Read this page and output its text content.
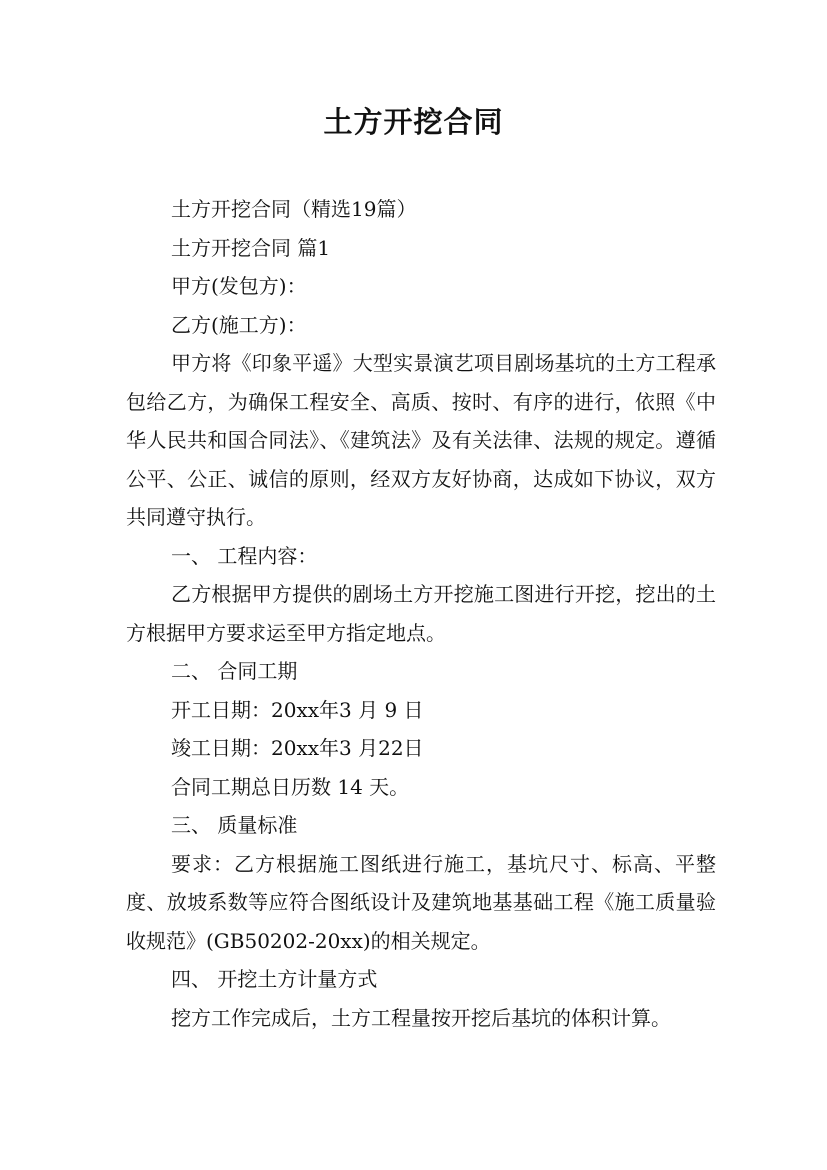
土方开挖合同

土方开挖合同（精选19篇）

土方开挖合同 篇1

甲方(发包方)：

乙方(施工方)：

甲方将《印象平遥》大型实景演艺项目剧场基坑的土方工程承包给乙方，为确保工程安全、高质、按时、有序的进行，依照《中华人民共和国合同法》、《建筑法》及有关法律、法规的规定。遵循公平、公正、诚信的原则，经双方友好协商，达成如下协议，双方共同遵守执行。

一、 工程内容：

乙方根据甲方提供的剧场土方开挖施工图进行开挖，挖出的土方根据甲方要求运至甲方指定地点。

二、 合同工期

开工日期：20xx年3 月 9 日

竣工日期：20xx年3 月22日

合同工期总日历数 14 天。

三、 质量标准

要求：乙方根据施工图纸进行施工，基坑尺寸、标高、平整度、放坡系数等应符合图纸设计及建筑地基基础工程《施工质量验收规范》(GB50202-20xx)的相关规定。

四、 开挖土方计量方式

挖方工作完成后，土方工程量按开挖后基坑的体积计算。
